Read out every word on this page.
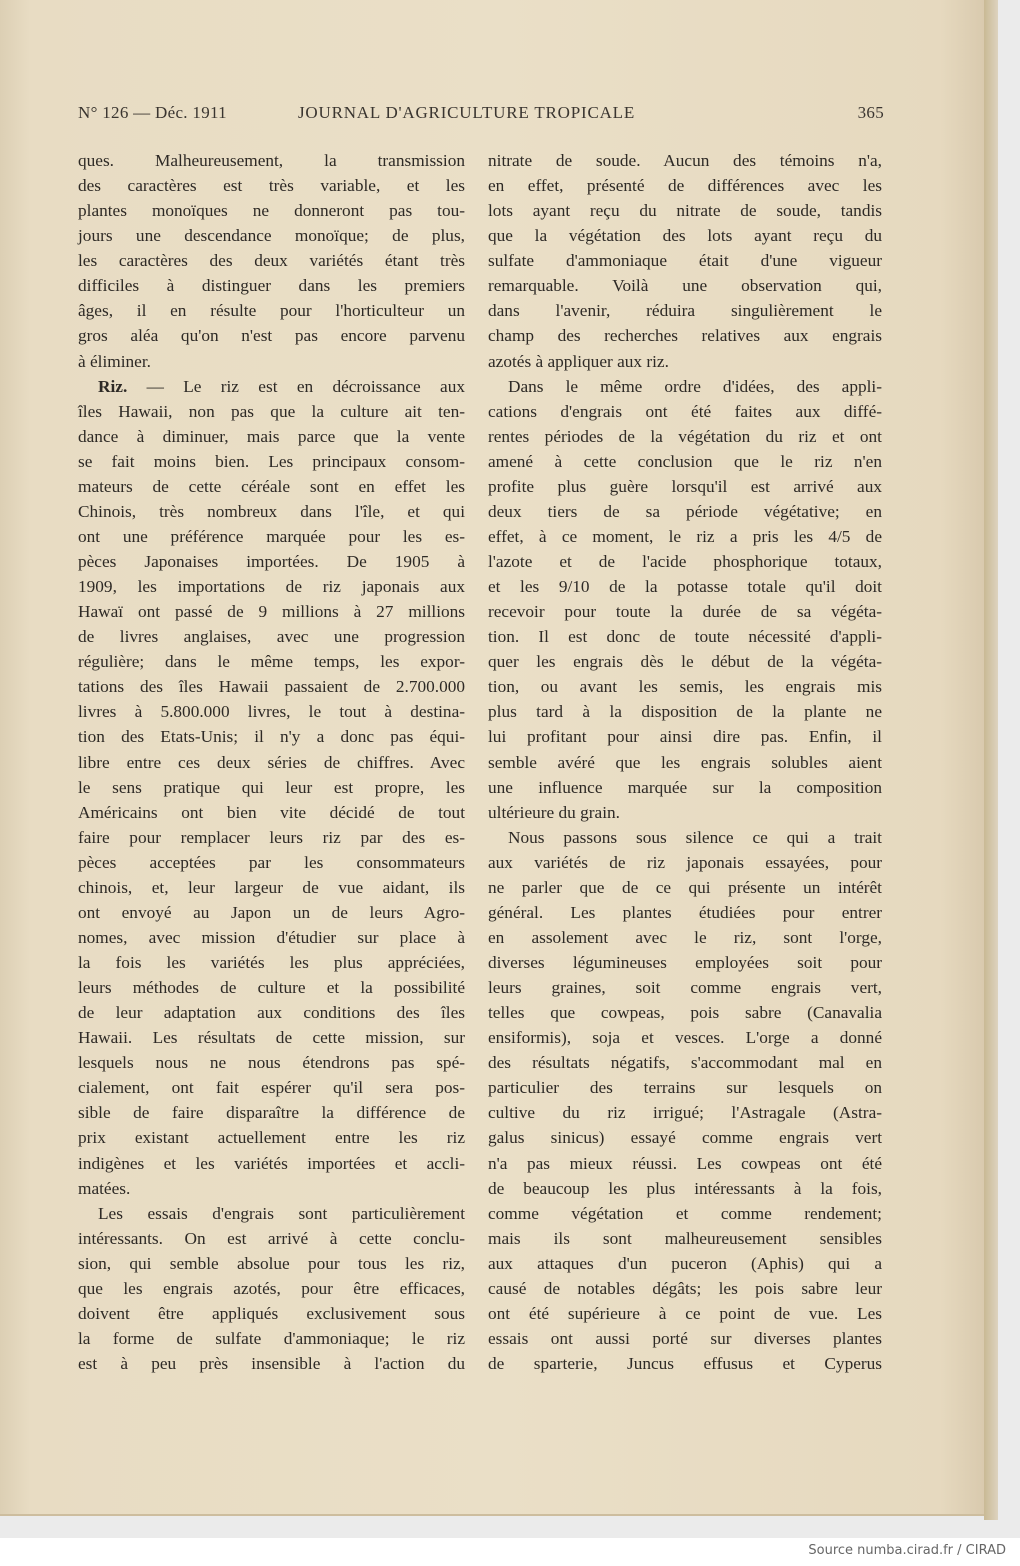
N° 126 — Déc. 1911	JOURNAL D'AGRICULTURE TROPICALE	365
ques. Malheureusement, la transmission
des caractères est très variable, et les
plantes monoïques ne donneront pas tou-
jours une descendance monoïque; de plus,
les caractères des deux variétés étant très
difficiles à distinguer dans les premiers
âges, il en résulte pour l'horticulteur un
gros aléa qu'on n'est pas encore parvenu
à éliminer.
Riz. — Le riz est en décroissance aux
îles Hawaii, non pas que la culture ait ten-
dance à diminuer, mais parce que la vente
se fait moins bien. Les principaux consom-
mateurs de cette céréale sont en effet les
Chinois, très nombreux dans l'île, et qui
ont une préférence marquée pour les es-
pèces Japonaises importées. De 1905 à
1909, les importations de riz japonais aux
Hawaï ont passé de 9 millions à 27 millions
de livres anglaises, avec une progression
régulière; dans le même temps, les expor-
tations des îles Hawaii passaient de 2.700.000
livres à 5.800.000 livres, le tout à destina-
tion des Etats-Unis; il n'y a donc pas équi-
libre entre ces deux séries de chiffres. Avec
le sens pratique qui leur est propre, les
Américains ont bien vite décidé de tout
faire pour remplacer leurs riz par des es-
pèces acceptées par les consommateurs
chinois, et, leur largeur de vue aidant, ils
ont envoyé au Japon un de leurs Agro-
nomes, avec mission d'étudier sur place à
la fois les variétés les plus appréciées,
leurs méthodes de culture et la possibilité
de leur adaptation aux conditions des îles
Hawaii. Les résultats de cette mission, sur
lesquels nous ne nous étendrons pas spé-
cialement, ont fait espérer qu'il sera pos-
sible de faire disparaître la différence de
prix existant actuellement entre les riz
indigènes et les variétés importées et accli-
matées.
Les essais d'engrais sont particulièrement
intéressants. On est arrivé à cette conclu-
sion, qui semble absolue pour tous les riz,
que les engrais azotés, pour être efficaces,
doivent être appliqués exclusivement sous
la forme de sulfate d'ammoniaque; le riz
est à peu près insensible à l'action du
nitrate de soude. Aucun des témoins n'a,
en effet, présenté de différences avec les
lots ayant reçu du nitrate de soude, tandis
que la végétation des lots ayant reçu du
sulfate d'ammoniaque était d'une vigueur
remarquable. Voilà une observation qui,
dans l'avenir, réduira singulièrement le
champ des recherches relatives aux engrais
azotés à appliquer aux riz.
Dans le même ordre d'idées, des appli-
cations d'engrais ont été faites aux diffé-
rentes périodes de la végétation du riz et ont
amené à cette conclusion que le riz n'en
profite plus guère lorsqu'il est arrivé aux
deux tiers de sa période végétative; en
effet, à ce moment, le riz a pris les 4/5 de
l'azote et de l'acide phosphorique totaux,
et les 9/10 de la potasse totale qu'il doit
recevoir pour toute la durée de sa végéta-
tion. Il est donc de toute nécessité d'appli-
quer les engrais dès le début de la végéta-
tion, ou avant les semis, les engrais mis
plus tard à la disposition de la plante ne
lui profitant pour ainsi dire pas. Enfin, il
semble avéré que les engrais solubles aient
une influence marquée sur la composition
ultérieure du grain.
Nous passons sous silence ce qui a trait
aux variétés de riz japonais essayées, pour
ne parler que de ce qui présente un intérêt
général. Les plantes étudiées pour entrer
en assolement avec le riz, sont l'orge,
diverses légumineuses employées soit pour
leurs graines, soit comme engrais vert,
telles que cowpeas, pois sabre (Canavalia
ensiformis), soja et vesces. L'orge a donné
des résultats négatifs, s'accommodant mal en
particulier des terrains sur lesquels on
cultive du riz irrigué; l'Astragale (Astra-
galus sinicus) essayé comme engrais vert
n'a pas mieux réussi. Les cowpeas ont été
de beaucoup les plus intéressants à la fois,
comme végétation et comme rendement;
mais ils sont malheureusement sensibles
aux attaques d'un puceron (Aphis) qui a
causé de notables dégâts; les pois sabre leur
ont été supérieure à ce point de vue. Les
essais ont aussi porté sur diverses plantes
de sparterie, Juncus effusus et Cyperus
Source numba.cirad.fr / CIRAD
